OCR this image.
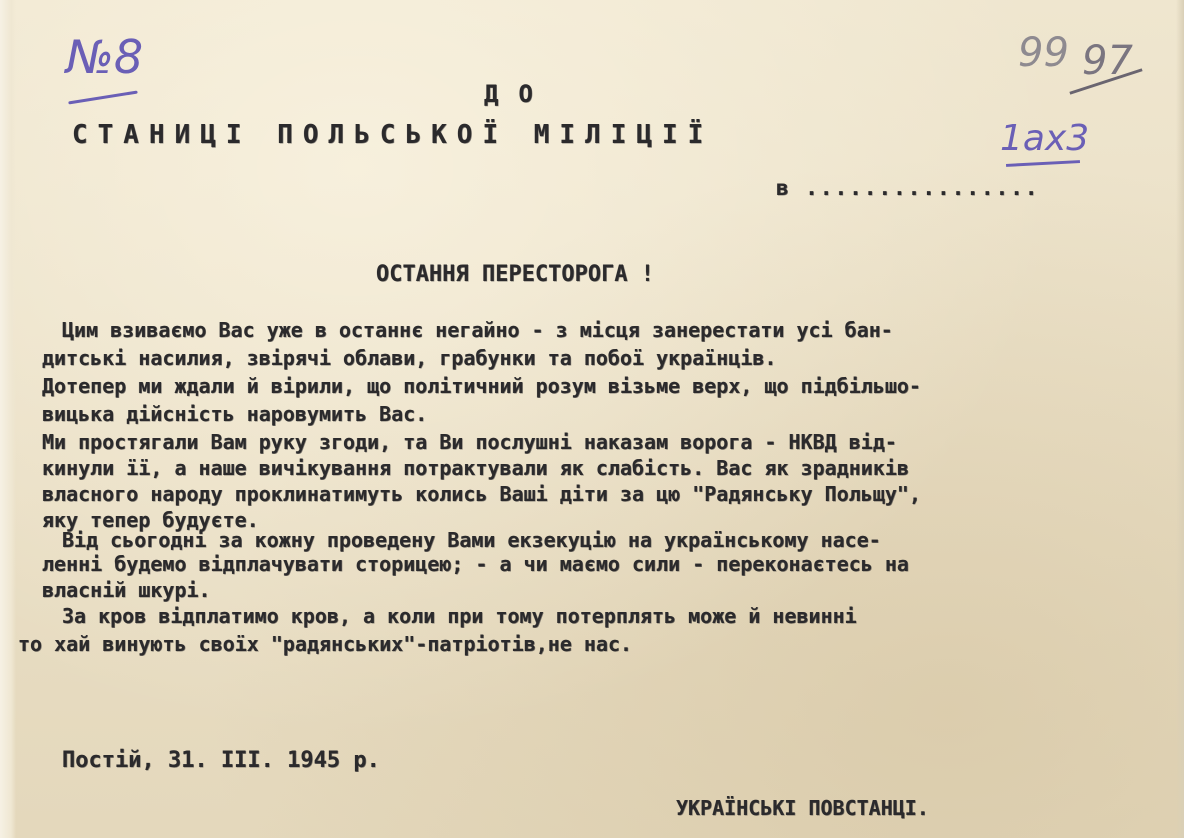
№8	99 97
1ах3
ДО
СТАНИЦІ ПОЛЬСЬКОЇ МІЛІЦІЇ
в ................
ОСТАННЯ ПЕРЕСТОРОГА !
Цим взиваємо Вас уже в останнє негайно - з місця занерестати усі бан-
дитські насилия, звірячі облави, грабунки та побої українців.
Дотепер ми ждали й вірили, що політичний розум візьме верх, що підбільшо-
вицька дійсність наровумить Вас.
Ми простягали Вам руку згоди, та Ви послушні наказам ворога - НКВД від-
кинули її, а наше вичікування потрактували як слабість. Вас як зрадників
власного народу проклинатимуть колись Ваші діти за цю "Радянську Польщу",
яку тепер будуєте.
Від сьогодні за кожну проведену Вами екзекуцію на українському насе-
ленні будемо відплачувати сторицею; - а чи маємо сили - переконаєтесь на
власній шкурі.
За кров відплатимо кров, а коли при тому потерплять може й невинні
то хай винують своїх "радянських"-патріотів,не нас.
Постій, 31. III. 1945 р.
УКРАЇНСЬКІ ПОВСТАНЦІ.
